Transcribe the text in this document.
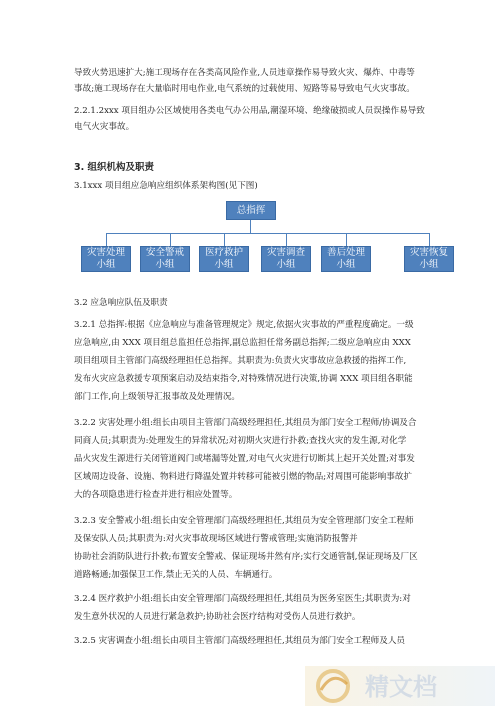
导致火势迅速扩大;施工现场存在各类高风险作业,人员违章操作易导致火灾、爆炸、中毒等
事故;施工现场存在大量临时用电作业,电气系统的过载使用、短路等易导致电气火灾事故。
2.2.1.2xxx 项目组办公区域使用各类电气办公用品,潮湿环境、绝缘破损或人员误操作易导致
电气火灾事故。
3. 组织机构及职责
3.1xxx 项目组应急响应组织体系架构图(见下图)
总指挥
灾害处理
小组
安全警戒
小组
医疗救护
小组
灾害调查
小组
善后处理
小组
灾害恢复
小组
3.2 应急响应队伍及职责
3.2.1 总指挥:根据《应急响应与准备管理规定》规定,依据火灾事故的严重程度确定。一级
应急响应,由 XXX 项目组总监担任总指挥,副总监担任常务副总指挥;二级应急响应由 XXX
项目组项目主管部门高级经理担任总指挥。其职责为:负责火灾事故应急救援的指挥工作,
发布火灾应急救援专项预案启动及结束指令,对特殊情况进行决策,协调 XXX 项目组各职能
部门工作,向上级领导汇报事故及处理情况。
3.2.2 灾害处理小组:组长由项目主管部门高级经理担任,其组员为部门安全工程师/协调及合
同商人员;其职责为:处理发生的异常状况;对初期火灾进行扑救;查找火灾的发生源,对化学
品火灾发生源进行关闭管道阀门或堵漏等处置,对电气火灾进行切断其上起开关处置;对事发
区域周边设备、设施、物料进行降温处置并转移可能被引燃的物品;对周围可能影响事故扩
大的各项隐患进行检查并进行相应处置等。
3.2.3 安全警戒小组:组长由安全管理部门高级经理担任,其组员为安全管理部门安全工程师
及保安队人员;其职责为:对火灾事故现场区域进行警戒管理;实施消防报警并
协助社会消防队进行扑救;布置安全警戒、保证现场井然有序;实行交通管制,保证现场及厂区
道路畅通;加强保卫工作,禁止无关的人员、车辆通行。
3.2.4 医疗救护小组:组长由安全管理部门高级经理担任,其组员为医务室医生;其职责为:对
发生意外状况的人员进行紧急救护;协助社会医疗结构对受伤人员进行救护。
3.2.5 灾害调查小组:组长由项目主管部门高级经理担任,其组员为部门安全工程师及人员
精文档
